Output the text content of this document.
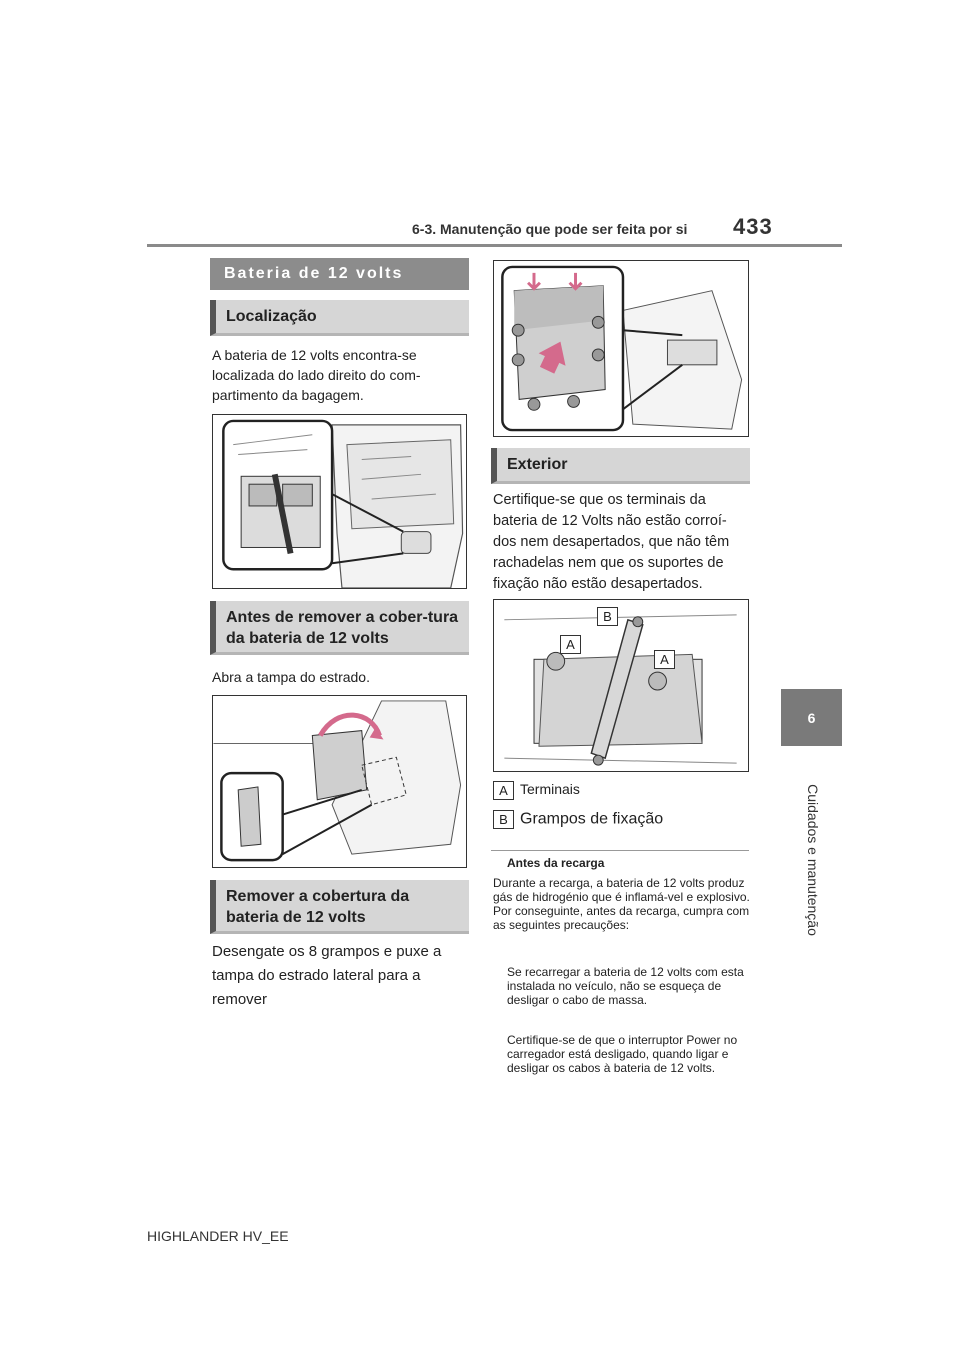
6-3. Manutenção que pode ser feita por si 433
6
Cuidados e manutenção
Bateria de 12 volts
Localização
A bateria de 12 volts encontra-se localizada do lado direito do com-partimento da bagagem.
Antes de remover a cober-tura da bateria de 12 volts
Abra a tampa do estrado.
Remover a cobertura da bateria de 12 volts
Desengate os 8 grampos e puxe a tampa do estrado lateral para a remover
Exterior
Certifique-se que os terminais da bateria de 12 Volts não estão corroí-dos nem desapertados, que não têm rachadelas nem que os suportes de fixação não estão desapertados.
B
A
A
A Terminais
B Grampos de fixação
Antes da recarga
Durante a recarga, a bateria de 12 volts produz gás de hidrogénio que é inflamá-vel e explosivo. Por conseguinte, antes da recarga, cumpra com as seguintes precauções:
Se recarregar a bateria de 12 volts com esta instalada no veículo, não se esqueça de desligar o cabo de massa.
Certifique-se de que o interruptor Power no carregador está desligado, quando ligar e desligar os cabos à bateria de 12 volts.
HIGHLANDER HV_EE
